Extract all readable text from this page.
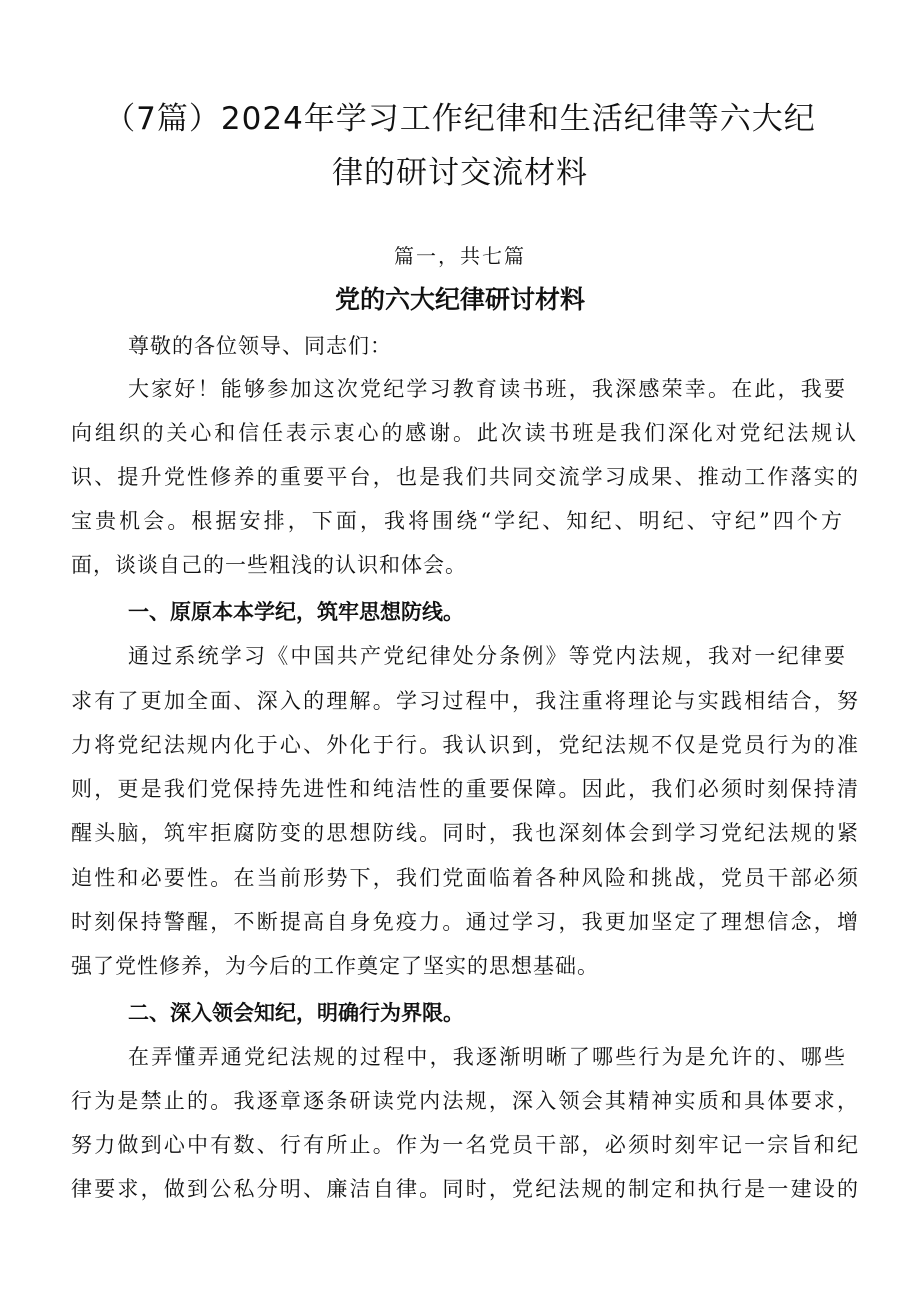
（7篇）2024年学习工作纪律和生活纪律等六大纪
律的研讨交流材料
篇一，共七篇
党的六大纪律研讨材料
尊敬的各位领导、同志们：
大家好！能够参加这次党纪学习教育读书班，我深感荣幸。在此，我要
向组织的关心和信任表示衷心的感谢。此次读书班是我们深化对党纪法规认
识、提升党性修养的重要平台，也是我们共同交流学习成果、推动工作落实的
宝贵机会。根据安排，下面，我将围绕“学纪、知纪、明纪、守纪”四个方
面，谈谈自己的一些粗浅的认识和体会。
一、原原本本学纪，筑牢思想防线。
通过系统学习《中国共产党纪律处分条例》等党内法规，我对一纪律要
求有了更加全面、深入的理解。学习过程中，我注重将理论与实践相结合，努
力将党纪法规内化于心、外化于行。我认识到，党纪法规不仅是党员行为的准
则，更是我们党保持先进性和纯洁性的重要保障。因此，我们必须时刻保持清
醒头脑，筑牢拒腐防变的思想防线。同时，我也深刻体会到学习党纪法规的紧
迫性和必要性。在当前形势下，我们党面临着各种风险和挑战，党员干部必须
时刻保持警醒，不断提高自身免疫力。通过学习，我更加坚定了理想信念，增
强了党性修养，为今后的工作奠定了坚实的思想基础。
二、深入领会知纪，明确行为界限。
在弄懂弄通党纪法规的过程中，我逐渐明晰了哪些行为是允许的、哪些
行为是禁止的。我逐章逐条研读党内法规，深入领会其精神实质和具体要求，
努力做到心中有数、行有所止。作为一名党员干部，必须时刻牢记一宗旨和纪
律要求，做到公私分明、廉洁自律。同时，党纪法规的制定和执行是一建设的
